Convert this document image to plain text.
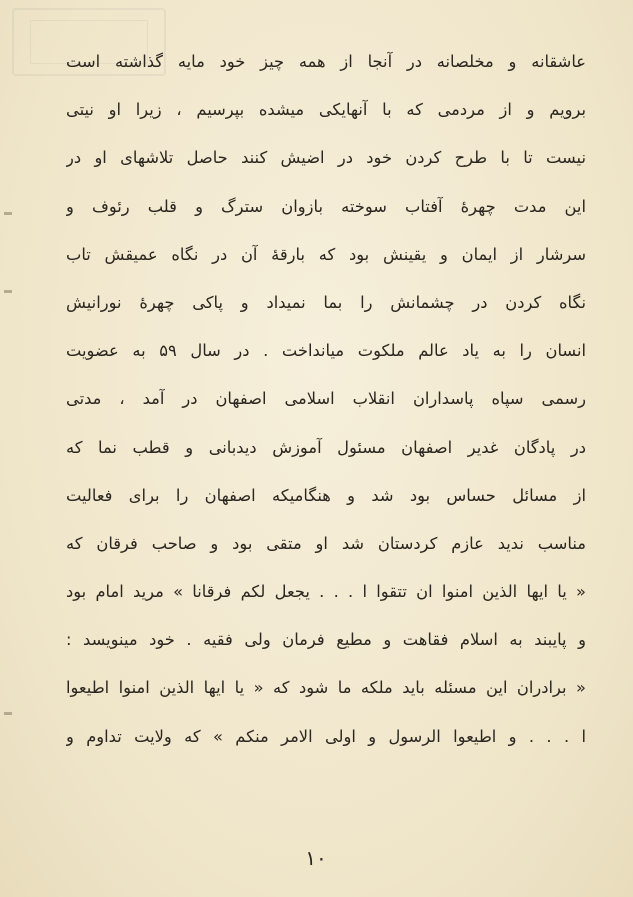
عاشقانه و مخلصانه در آنجا از همه چیز خود مایه گذاشته است
برویم و از مردمی که با آنهایکی میشده بپرسیم ، زیرا او نیتی
نیست تا با طرح کردن خود در اضیش کنند حاصل تلاشهای او در
این مدت چهرهٔ آفتاب سوخته بازوان سترگ و قلب رئوف و
سرشار از ایمان و یقینش بود که بارقهٔ آن در نگاه عمیقش تاب
نگاه کردن در چشمانش را بما نمیداد و پاکی چهرهٔ نورانیش
انسان را به یاد عالم ملکوت میانداخت . در سال ۵۹ به عضویت
رسمی سپاه پاسداران انقلاب اسلامی اصفهان در آمد ، مدتی
در پادگان غدیر اصفهان مسئول آموزش دیدبانی و قطب نما که
از مسائل حساس بود شد و هنگامیکه اصفهان را برای فعالیت
مناسب ندید عازم کردستان شد او متقی بود و صاحب فرقان که
« یا ایها الذین امنوا ان تتقوا ا . . . یجعل لکم فرقانا » مرید امام بود
و پایبند به اسلام فقاهت و مطیع فرمان ولی فقیه . خود مینویسد :
« برادران این مسئله باید ملکه ما شود که « یا ایها الذین امنوا اطیعوا
ا . . . و اطیعوا الرسول و اولی الامر منکم » که ولایت تداوم و
١٠
